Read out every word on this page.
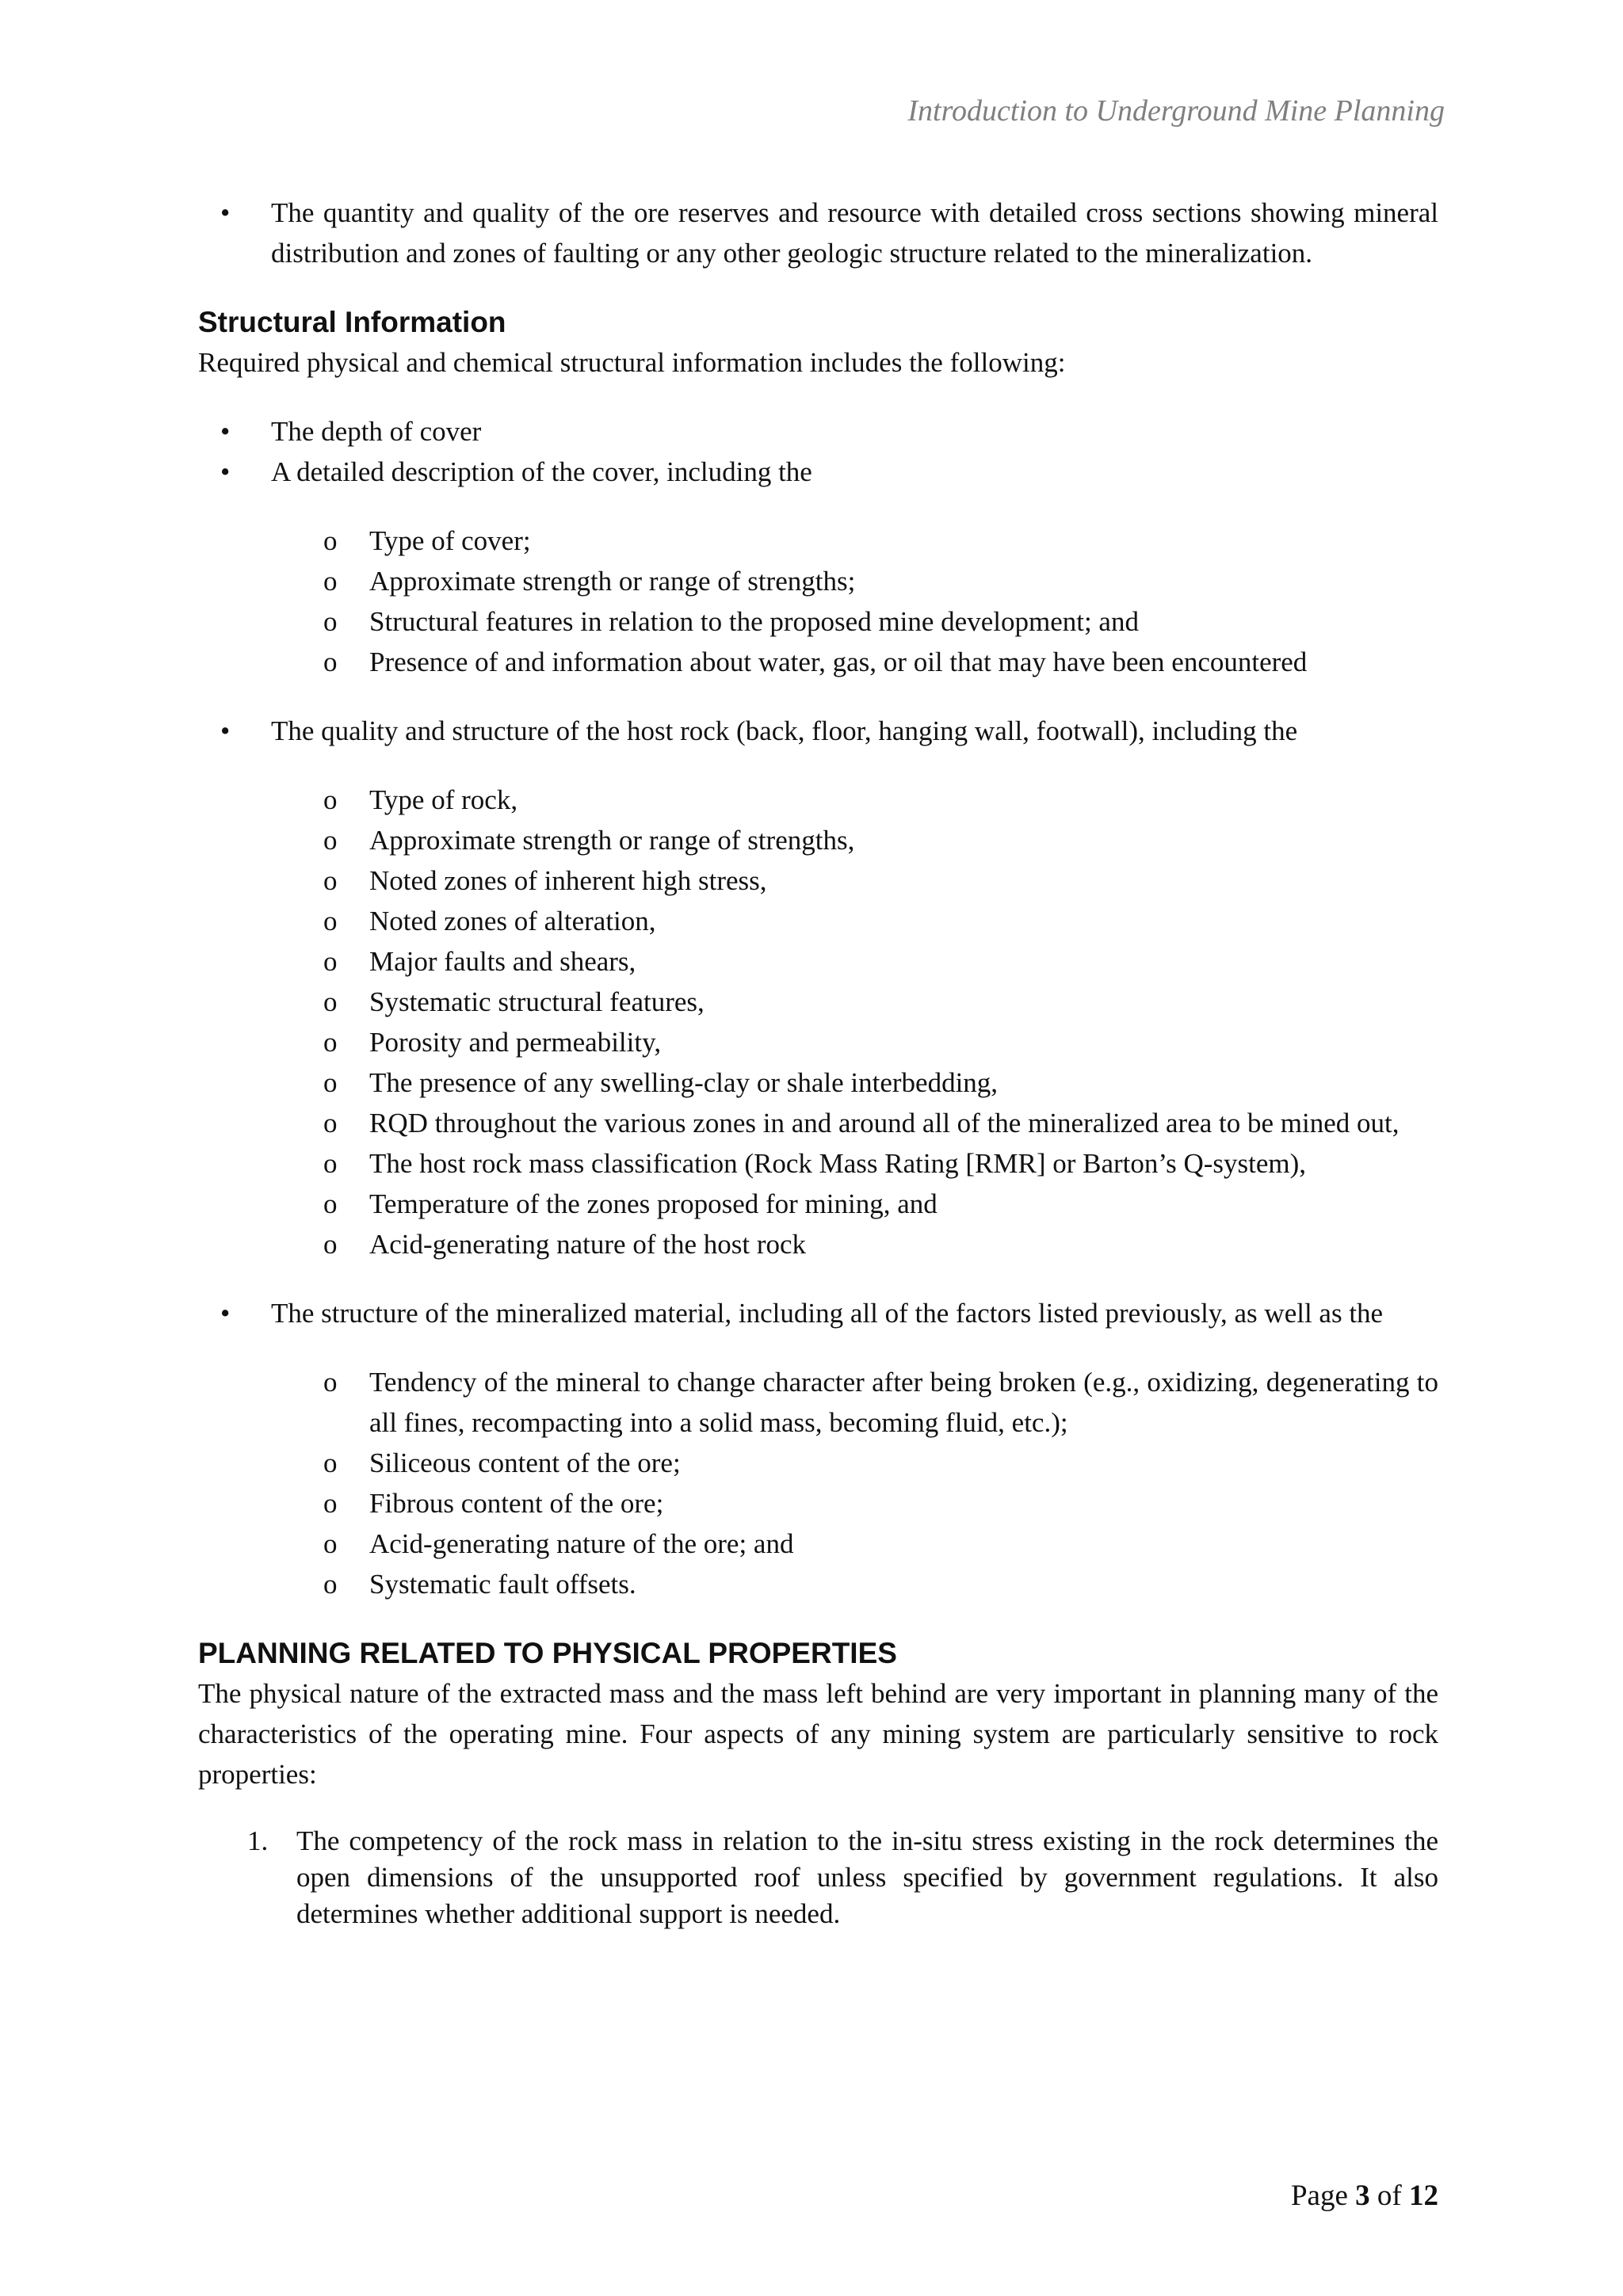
Introduction to Underground Mine Planning
• The quantity and quality of the ore reserves and resource with detailed cross sections showing mineral distribution and zones of faulting or any other geologic structure related to the mineralization.
Structural Information

Required physical and chemical structural information includes the following:

• The depth of cover
• A detailed description of the cover, including the
o Type of cover;
o Approximate strength or range of strengths;
o Structural features in relation to the proposed mine development; and
o Presence of and information about water, gas, or oil that may have been encountered
• The quality and structure of the host rock (back, floor, hanging wall, footwall), including the
o Type of rock,
o Approximate strength or range of strengths,
o Noted zones of inherent high stress,
o Noted zones of alteration,
o Major faults and shears,
o Systematic structural features,
o Porosity and permeability,
o The presence of any swelling-clay or shale interbedding,
o RQD throughout the various zones in and around all of the mineralized area to be mined out,
o The host rock mass classification (Rock Mass Rating [RMR] or Barton’s Q-system),
o Temperature of the zones proposed for mining, and
o Acid-generating nature of the host rock
• The structure of the mineralized material, including all of the factors listed previously, as well as the
o Tendency of the mineral to change character after being broken (e.g., oxidizing, degenerating to all fines, recompacting into a solid mass, becoming fluid, etc.);
o Siliceous content of the ore;
o Fibrous content of the ore;
o Acid-generating nature of the ore; and
o Systematic fault offsets.
PLANNING RELATED TO PHYSICAL PROPERTIES

The physical nature of the extracted mass and the mass left behind are very important in planning many of the characteristics of the operating mine. Four aspects of any mining system are particularly sensitive to rock properties:

1. The competency of the rock mass in relation to the in-situ stress existing in the rock determines the open dimensions of the unsupported roof unless specified by government regulations. It also determines whether additional support is needed.
Page 3 of 12
